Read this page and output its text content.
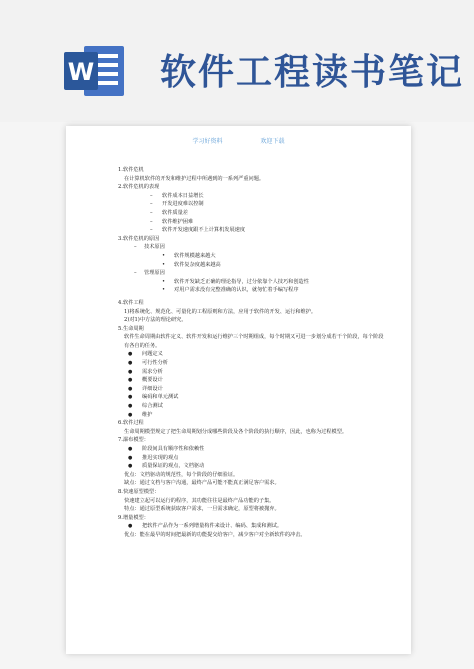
W 软件工程读书笔记
学习好资料	欢迎下载
1.软件危机
在计算机软件的开发和维护过程中所遇到的一系列严重问题。
2.软件危机的表现
– 软件成本日益增长
– 开发进度难以控制
– 软件质量差
– 软件维护困难
– 软件开发速度跟不上计算机发展速度
3.软件危机的原因
– 技术原因
• 软件规模越来越大
• 软件复杂度越来越高
– 管理原因
• 软件开发缺乏正确的理论指导，过分依靠个人技巧和创造性
• 对用户需求没有完整准确的认识，就匆忙着手编写程序
4.软件工程
1)将系统化、规范化、可量化的工程原则和方法，应用于软件的开发、运行和维护。
2)对1)中方法的理论研究。
5.生命周期
软件生命周期由软件定义、软件开发和运行维护三个时期组成，每个时期又可进一步划分成若干个阶段，每个阶段有各自的任务。
● 问题定义
● 可行性分析
● 需求分析
● 概要设计
● 详细设计
● 编码和单元测试
● 综合测试
● 维护
6.软件过程
生命周期模型规定了把生命周期划分成哪些阶段及各个阶段的执行顺序，因此，也称为过程模型。
7.瀑布模型：
● 阶段间具有顺序性和依赖性
● 推迟实现的观点
● 质量保证的观点，文档驱动
优点：文档驱动的规范性，每个阶段的仔细验证。
缺点：通过文档与客户沟通，最终产品可能不能真正满足客户需求。
8.快速原型模型：
快速建立起可以运行的程序，其功能往往是最终产品功能的子集。
特点：通过原型系统获取客户需求，一旦需求确定，原型将被抛弃。
9.增量模型：
● 把软件产品作为一系列增量构件来设计、编码、集成和测试。
优点：能在最早的时间把最新的功能提交给客户，减少客户对全新软件的冲击。
